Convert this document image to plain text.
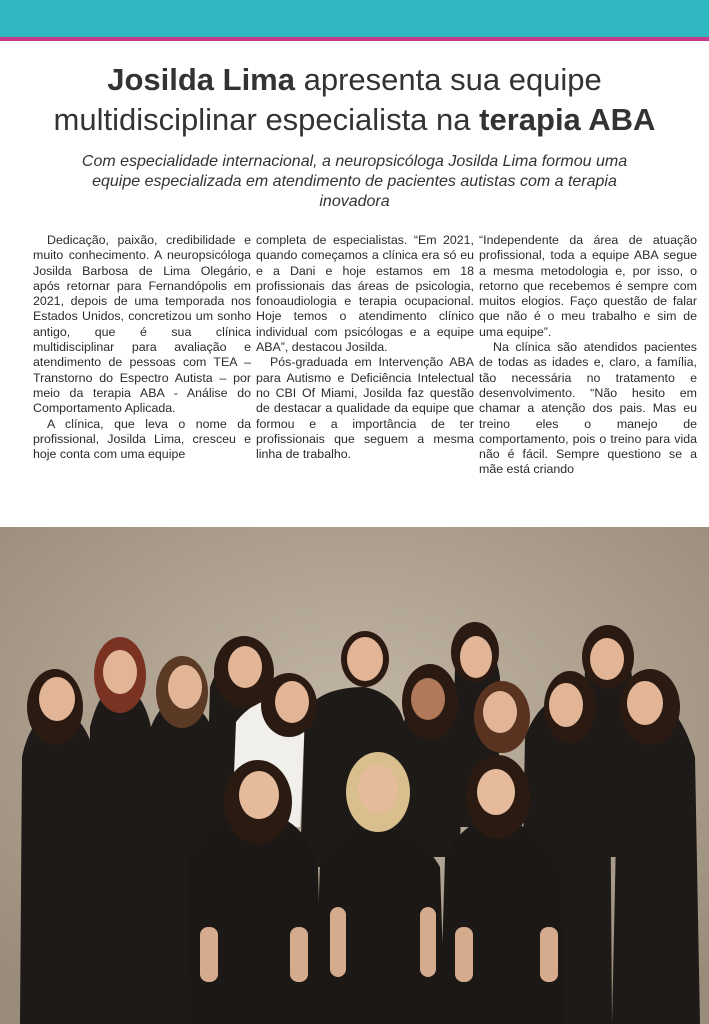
Josilda Lima apresenta sua equipe multidisciplinar especialista na terapia ABA

Com especialidade internacional, a neuropsicóloga Josilda Lima formou uma equipe especializada em atendimento de pacientes autistas com a terapia inovadora

Dedicação, paixão, credibilidade e muito conhecimento. A neuropsicóloga Josilda Barbosa de Lima Olegário, após retornar para Fernandópolis em 2021, depois de uma temporada nos Estados Unidos, concretizou um sonho antigo, que é sua clínica multidisciplinar para avaliação e atendimento de pessoas com TEA – Transtorno do Espectro Autista – por meio da terapia ABA - Análise do Comportamento Aplicada.

A clínica, que leva o nome da profissional, Josilda Lima, cresceu e hoje conta com uma equipe

completa de especialistas. “Em 2021, quando começamos a clínica era só eu e a Dani e hoje estamos em 18 profissionais das áreas de psicologia, fonoaudiologia e terapia ocupacional. Hoje temos o atendimento clínico individual com psicólogas e a equipe ABA”, destacou Josilda.

Pós-graduada em Intervenção ABA para Autismo e Deficiência Intelectual no CBI Of Miami, Josilda faz questão de destacar a qualidade da equipe que formou e a importância de ter profissionais que seguem a mesma linha de trabalho.

“Independente da área de atuação profissional, toda a equipe ABA segue a mesma metodologia e, por isso, o retorno que recebemos é sempre com muitos elogios. Faço questão de falar que não é o meu trabalho e sim de uma equipe”.

Na clínica são atendidos pacientes de todas as idades e, claro, a família, tão necessária no tratamento e desenvolvimento. “Não hesito em chamar a atenção dos pais. Mas eu treino eles o manejo de comportamento, pois o treino para vida não é fácil. Sempre questiono se a mãe está criando
